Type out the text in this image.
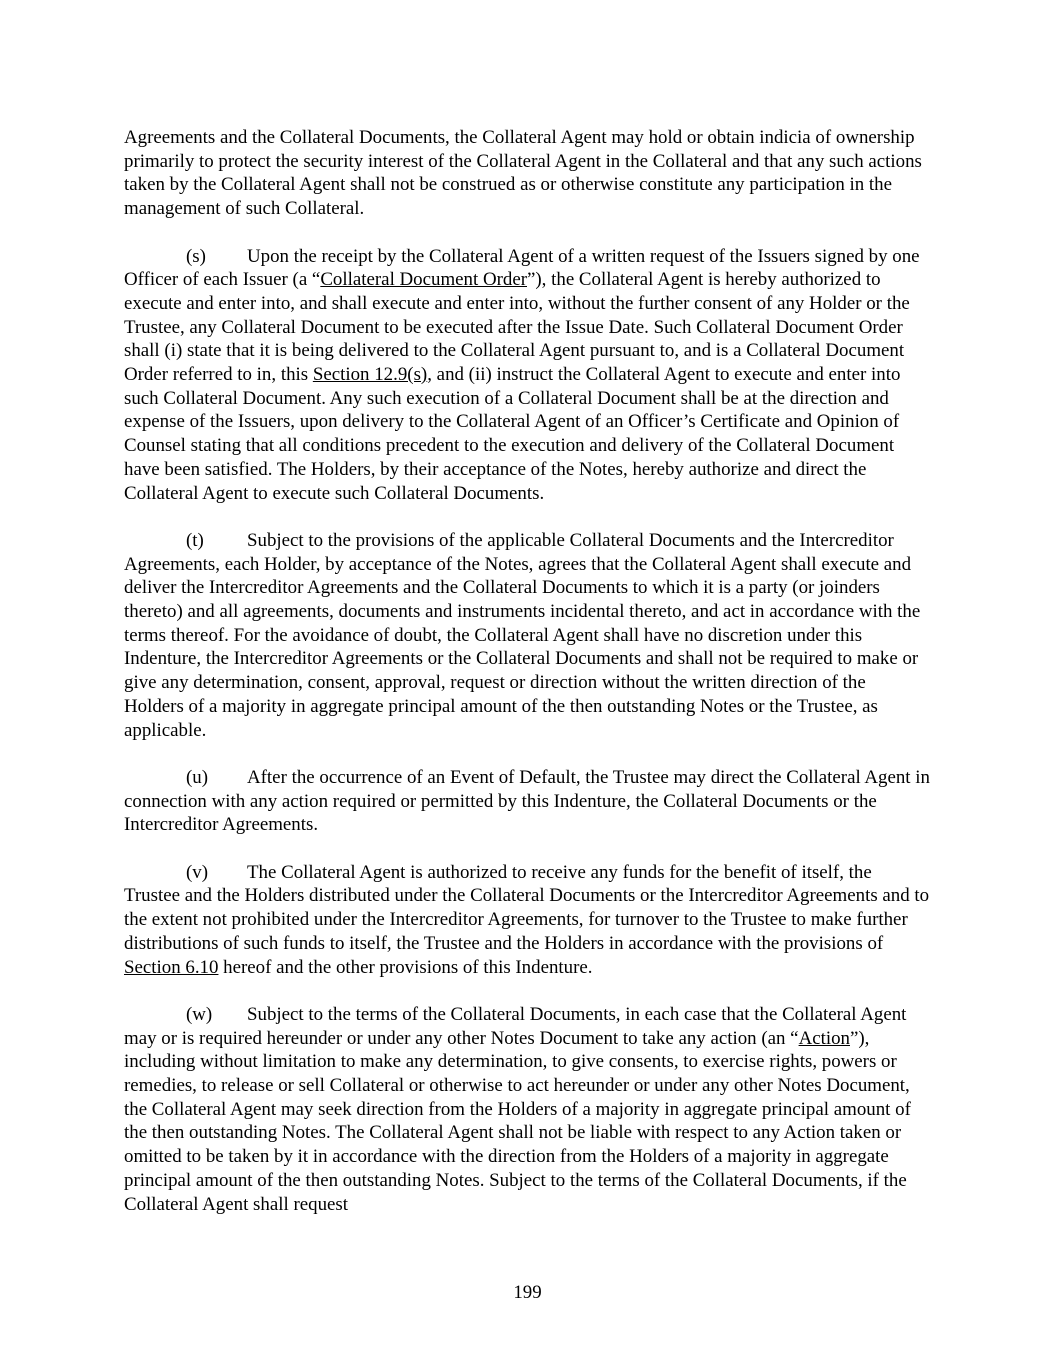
Agreements and the Collateral Documents, the Collateral Agent may hold or obtain indicia of ownership primarily to protect the security interest of the Collateral Agent in the Collateral and that any such actions taken by the Collateral Agent shall not be construed as or otherwise constitute any participation in the management of such Collateral.

(s) Upon the receipt by the Collateral Agent of a written request of the Issuers signed by one Officer of each Issuer (a “Collateral Document Order”), the Collateral Agent is hereby authorized to execute and enter into, and shall execute and enter into, without the further consent of any Holder or the Trustee, any Collateral Document to be executed after the Issue Date. Such Collateral Document Order shall (i) state that it is being delivered to the Collateral Agent pursuant to, and is a Collateral Document Order referred to in, this Section 12.9(s), and (ii) instruct the Collateral Agent to execute and enter into such Collateral Document. Any such execution of a Collateral Document shall be at the direction and expense of the Issuers, upon delivery to the Collateral Agent of an Officer’s Certificate and Opinion of Counsel stating that all conditions precedent to the execution and delivery of the Collateral Document have been satisfied. The Holders, by their acceptance of the Notes, hereby authorize and direct the Collateral Agent to execute such Collateral Documents.

(t) Subject to the provisions of the applicable Collateral Documents and the Intercreditor Agreements, each Holder, by acceptance of the Notes, agrees that the Collateral Agent shall execute and deliver the Intercreditor Agreements and the Collateral Documents to which it is a party (or joinders thereto) and all agreements, documents and instruments incidental thereto, and act in accordance with the terms thereof. For the avoidance of doubt, the Collateral Agent shall have no discretion under this Indenture, the Intercreditor Agreements or the Collateral Documents and shall not be required to make or give any determination, consent, approval, request or direction without the written direction of the Holders of a majority in aggregate principal amount of the then outstanding Notes or the Trustee, as applicable.

(u) After the occurrence of an Event of Default, the Trustee may direct the Collateral Agent in connection with any action required or permitted by this Indenture, the Collateral Documents or the Intercreditor Agreements.

(v) The Collateral Agent is authorized to receive any funds for the benefit of itself, the Trustee and the Holders distributed under the Collateral Documents or the Intercreditor Agreements and to the extent not prohibited under the Intercreditor Agreements, for turnover to the Trustee to make further distributions of such funds to itself, the Trustee and the Holders in accordance with the provisions of Section 6.10 hereof and the other provisions of this Indenture.

(w) Subject to the terms of the Collateral Documents, in each case that the Collateral Agent may or is required hereunder or under any other Notes Document to take any action (an “Action”), including without limitation to make any determination, to give consents, to exercise rights, powers or remedies, to release or sell Collateral or otherwise to act hereunder or under any other Notes Document, the Collateral Agent may seek direction from the Holders of a majority in aggregate principal amount of the then outstanding Notes. The Collateral Agent shall not be liable with respect to any Action taken or omitted to be taken by it in accordance with the direction from the Holders of a majority in aggregate principal amount of the then outstanding Notes. Subject to the terms of the Collateral Documents, if the Collateral Agent shall request

199
